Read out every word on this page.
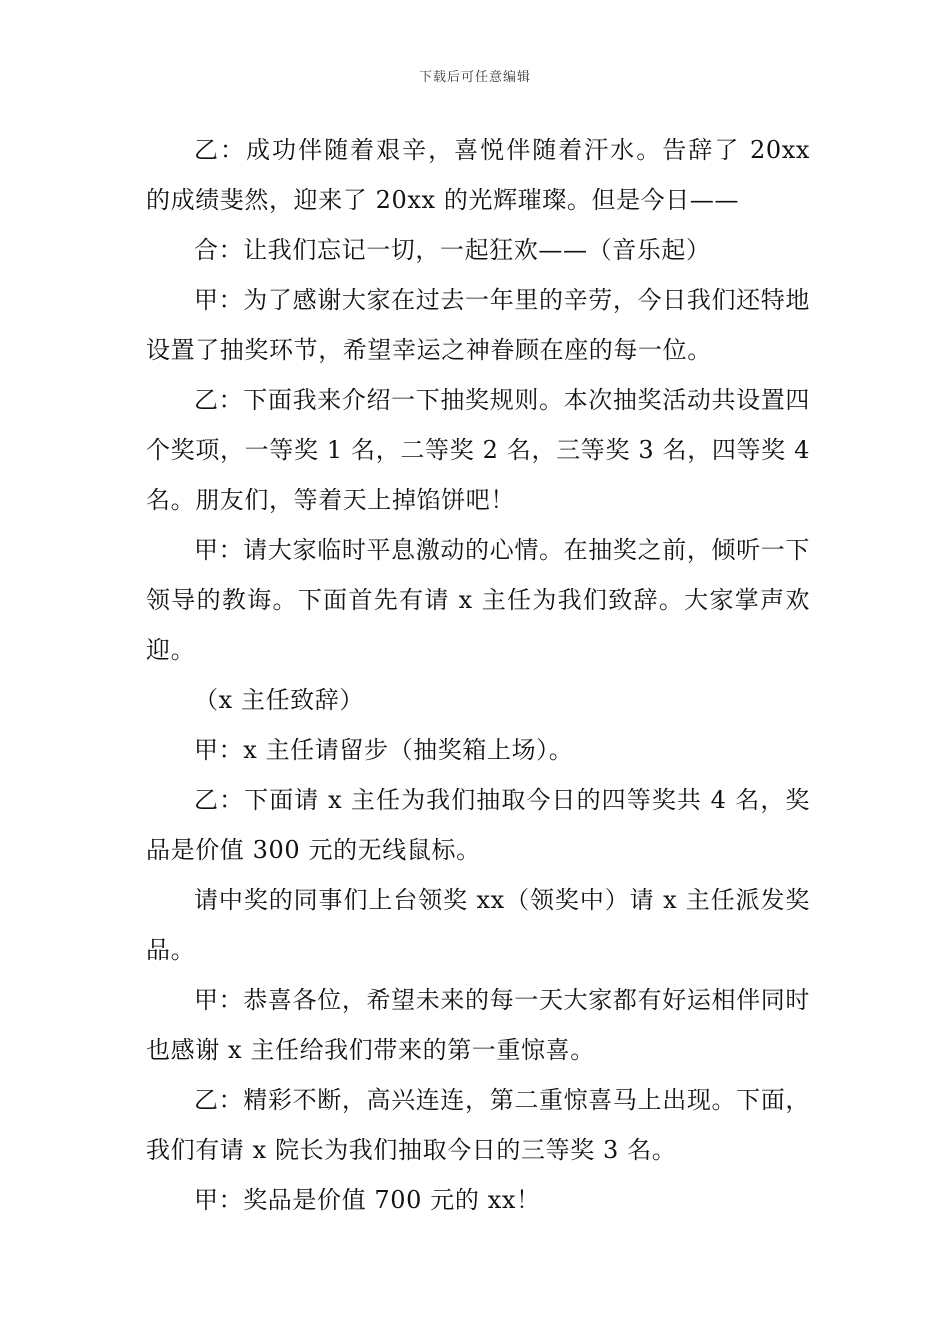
下载后可任意编辑

乙：成功伴随着艰辛，喜悦伴随着汗水。告辞了 20xx 的成绩斐然，迎来了 20xx 的光辉璀璨。但是今日——

合：让我们忘记一切，一起狂欢——（音乐起）

甲：为了感谢大家在过去一年里的辛劳，今日我们还特地设置了抽奖环节，希望幸运之神眷顾在座的每一位。

乙：下面我来介绍一下抽奖规则。本次抽奖活动共设置四个奖项，一等奖 1 名，二等奖 2 名，三等奖 3 名，四等奖 4 名。朋友们，等着天上掉馅饼吧！

甲：请大家临时平息激动的心情。在抽奖之前，倾听一下领导的教诲。下面首先有请 x 主任为我们致辞。大家掌声欢迎。

（x 主任致辞）

甲：x 主任请留步（抽奖箱上场）。

乙：下面请 x 主任为我们抽取今日的四等奖共 4 名，奖品是价值 300 元的无线鼠标。

请中奖的同事们上台领奖 xx（领奖中）请 x 主任派发奖品。

甲：恭喜各位，希望未来的每一天大家都有好运相伴同时也感谢 x 主任给我们带来的第一重惊喜。

乙：精彩不断，高兴连连，第二重惊喜马上出现。下面，我们有请 x 院长为我们抽取今日的三等奖 3 名。

甲：奖品是价值 700 元的 xx！
